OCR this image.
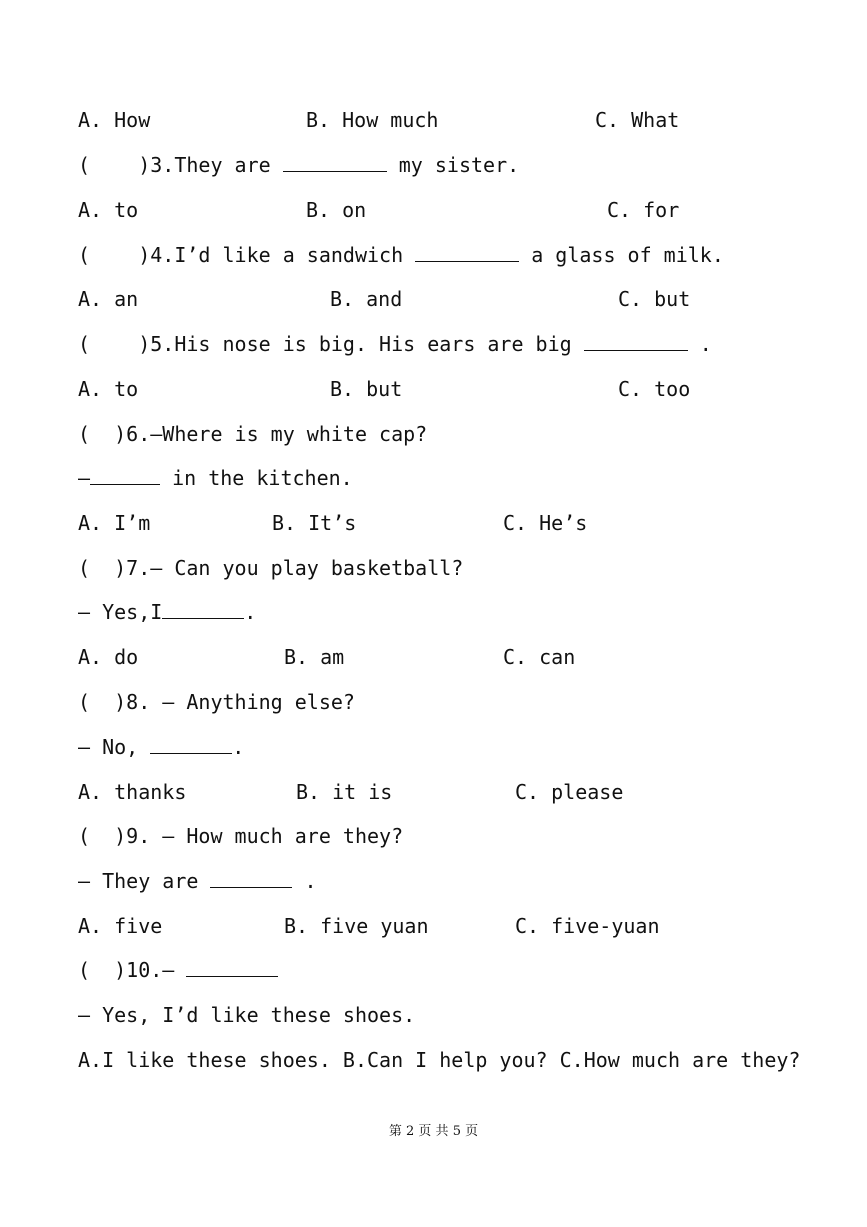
A. How	B. How much	C. What
(    )3.They are	my sister.
A. to	B. on	C. for
(    )4.I’d like a sandwich	a glass of milk.
A. an	B. and	C. but
(    )5.His nose is big. His ears are big	.
A. to	B. but	C. too
(  )6.—Where is my white cap?
—	in the kitchen.
A. I’m	B. It’s	C. He’s
(  )7.— Can you play basketball?
— Yes,I	.
A. do	B. am	C. can
(  )8. — Anything else?
— No,	.
A. thanks	B. it is	C. please
(  )9. — How much are they?
— They are	.
A. five	B. five yuan	C. five-yuan
(  )10.—
— Yes, I’d like these shoes.
A.I like these shoes. B.Can I help you? C.How much are they?
第 2 页 共 5 页
